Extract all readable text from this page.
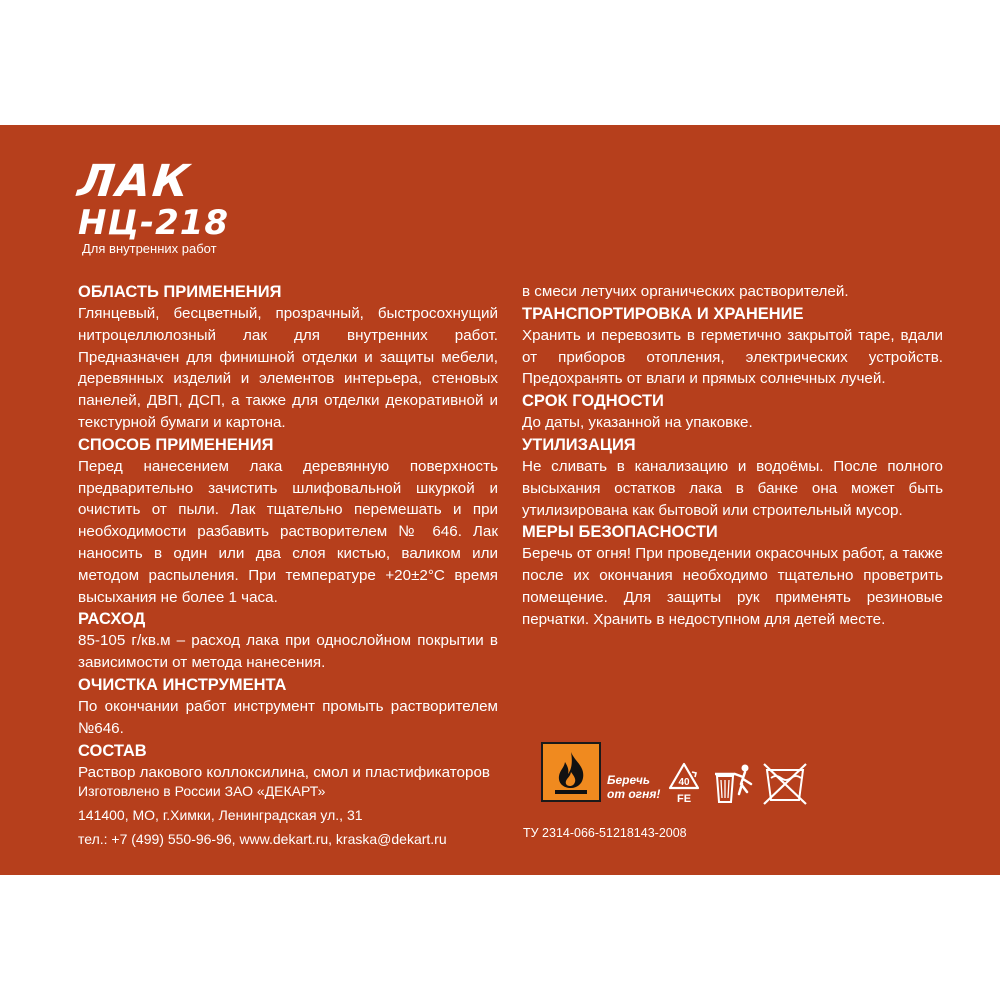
ЛАК
НЦ-218
Для внутренних работ
ОБЛАСТЬ ПРИМЕНЕНИЯ
Глянцевый, бесцветный, прозрачный, быстросохнущий нитроцеллюлозный лак для внутренних работ. Предназначен для финишной отделки и защиты мебели, деревянных изделий и элементов интерьера, стеновых панелей, ДВП, ДСП, а также для отделки декоративной и текстурной бумаги и картона.
СПОСОБ ПРИМЕНЕНИЯ
Перед нанесением лака деревянную поверхность предварительно зачистить шлифовальной шкуркой и очистить от пыли. Лак тщательно перемешать и при необходимости разбавить растворителем № 646. Лак наносить в один или два слоя кистью, валиком или методом распыления. При температуре +20±2°С время высыхания не более 1 часа.
РАСХОД
85-105 г/кв.м – расход лака при однослойном покрытии в зависимости от метода нанесения.
ОЧИСТКА ИНСТРУМЕНТА
По окончании работ инструмент промыть растворителем №646.
СОСТАВ
Раствор лакового коллоксилина, смол и пластификаторов
в смеси летучих органических растворителей.
ТРАНСПОРТИРОВКА И ХРАНЕНИЕ
Хранить и перевозить в герметично закрытой таре, вдали от приборов отопления, электрических устройств. Предохранять от влаги и прямых солнечных лучей.
СРОК ГОДНОСТИ
До даты, указанной на упаковке.
УТИЛИЗАЦИЯ
Не сливать в канализацию и водоёмы. После полного высыхания остатков лака в банке она может быть утилизирована как бытовой или строительный мусор.
МЕРЫ БЕЗОПАСНОСТИ
Беречь от огня! При проведении окрасочных работ, а также после их окончания необходимо тщательно проветрить помещение. Для защиты рук применять резиновые перчатки. Хранить в недоступном для детей месте.
Изготовлено в России ЗАО «ДЕКАРТ»
141400, МО, г.Химки, Ленинградская ул., 31
тел.: +7 (499) 550-96-96, www.dekart.ru, kraska@dekart.ru
Беречь
от огня!
40
FE
ТУ 2314-066-51218143-2008
